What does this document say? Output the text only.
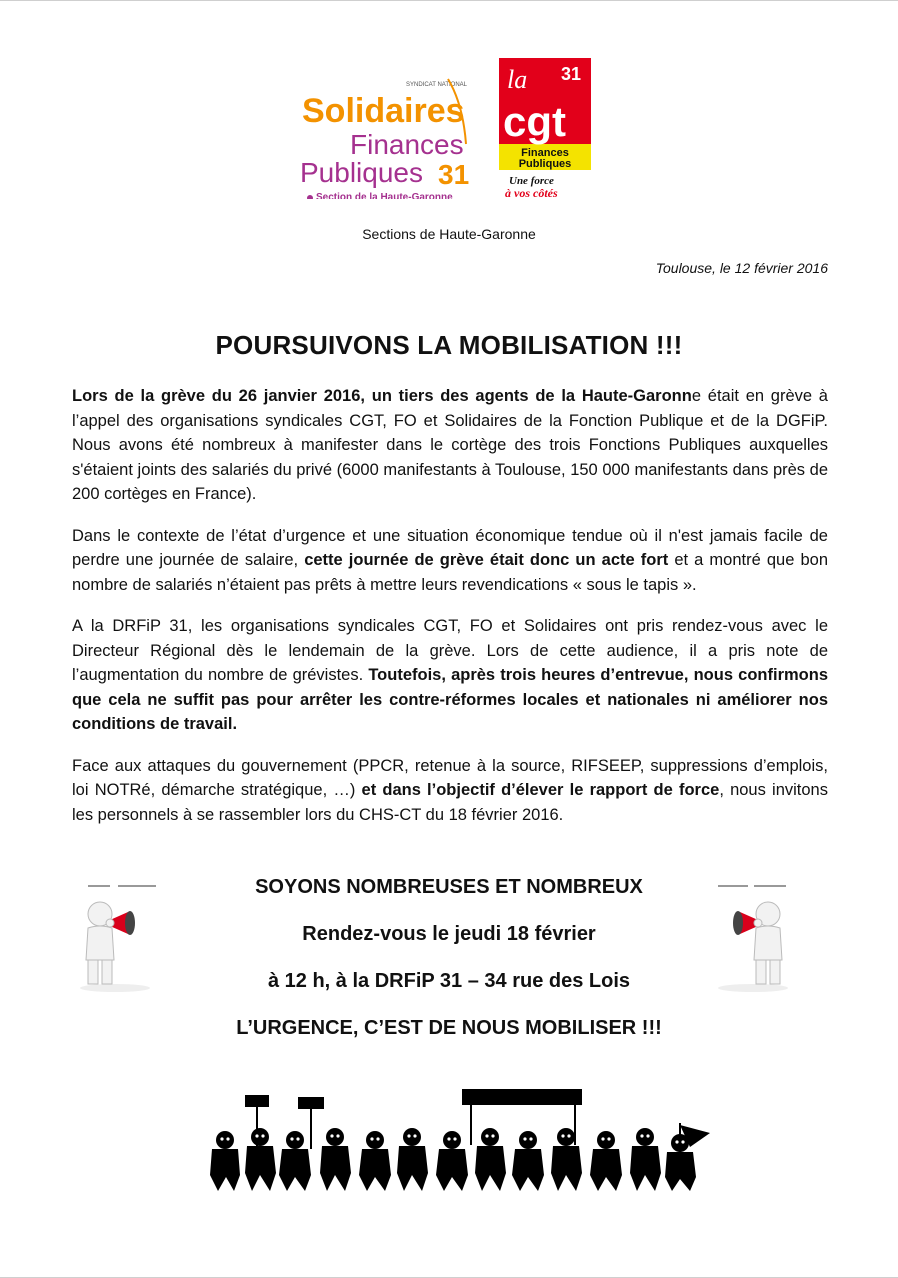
SYNDICAT NATIONAL
Solidaires
Finances
Publiques 31
Section de la Haute-Garonne
la 31
cgt
Finances
Publiques
Une force
à vos côtés
Sections de Haute-Garonne
Toulouse, le 12 février 2016
POURSUIVONS LA MOBILISATION !!!

Lors de la grève du 26 janvier 2016, un tiers des agents de la Haute-Garonne était en grève à l’appel des organisations syndicales CGT, FO et Solidaires de la Fonction Publique et de la DGFiP. Nous avons été nombreux à manifester dans le cortège des trois Fonctions Publiques auxquelles s'étaient joints des salariés du privé (6000 manifestants à Toulouse, 150 000 manifestants dans près de 200 cortèges en France).

Dans le contexte de l’état d’urgence et une situation économique tendue où il n'est jamais facile de perdre une journée de salaire, cette journée de grève était donc un acte fort et a montré que bon nombre de salariés n’étaient pas prêts à mettre leurs revendications « sous le tapis ».

A la DRFiP 31, les organisations syndicales CGT, FO et Solidaires ont pris rendez-vous avec le Directeur Régional dès le lendemain de la grève. Lors de cette audience, il a pris note de l’augmentation du nombre de grévistes. Toutefois, après trois heures d’entrevue, nous confirmons que cela ne suffit pas pour arrêter les contre-réformes locales et nationales ni améliorer nos conditions de travail.

Face aux attaques du gouvernement (PPCR, retenue à la source, RIFSEEP, suppressions d’emplois, loi NOTRé, démarche stratégique, …) et dans l’objectif d’élever le rapport de force, nous invitons les personnels à se rassembler lors du CHS-CT du 18 février 2016.

SOYONS NOMBREUSES ET NOMBREUX
Rendez-vous le jeudi 18 février
à 12 h, à la DRFiP 31 – 34 rue des Lois
L’URGENCE, C’EST DE NOUS MOBILISER !!!
